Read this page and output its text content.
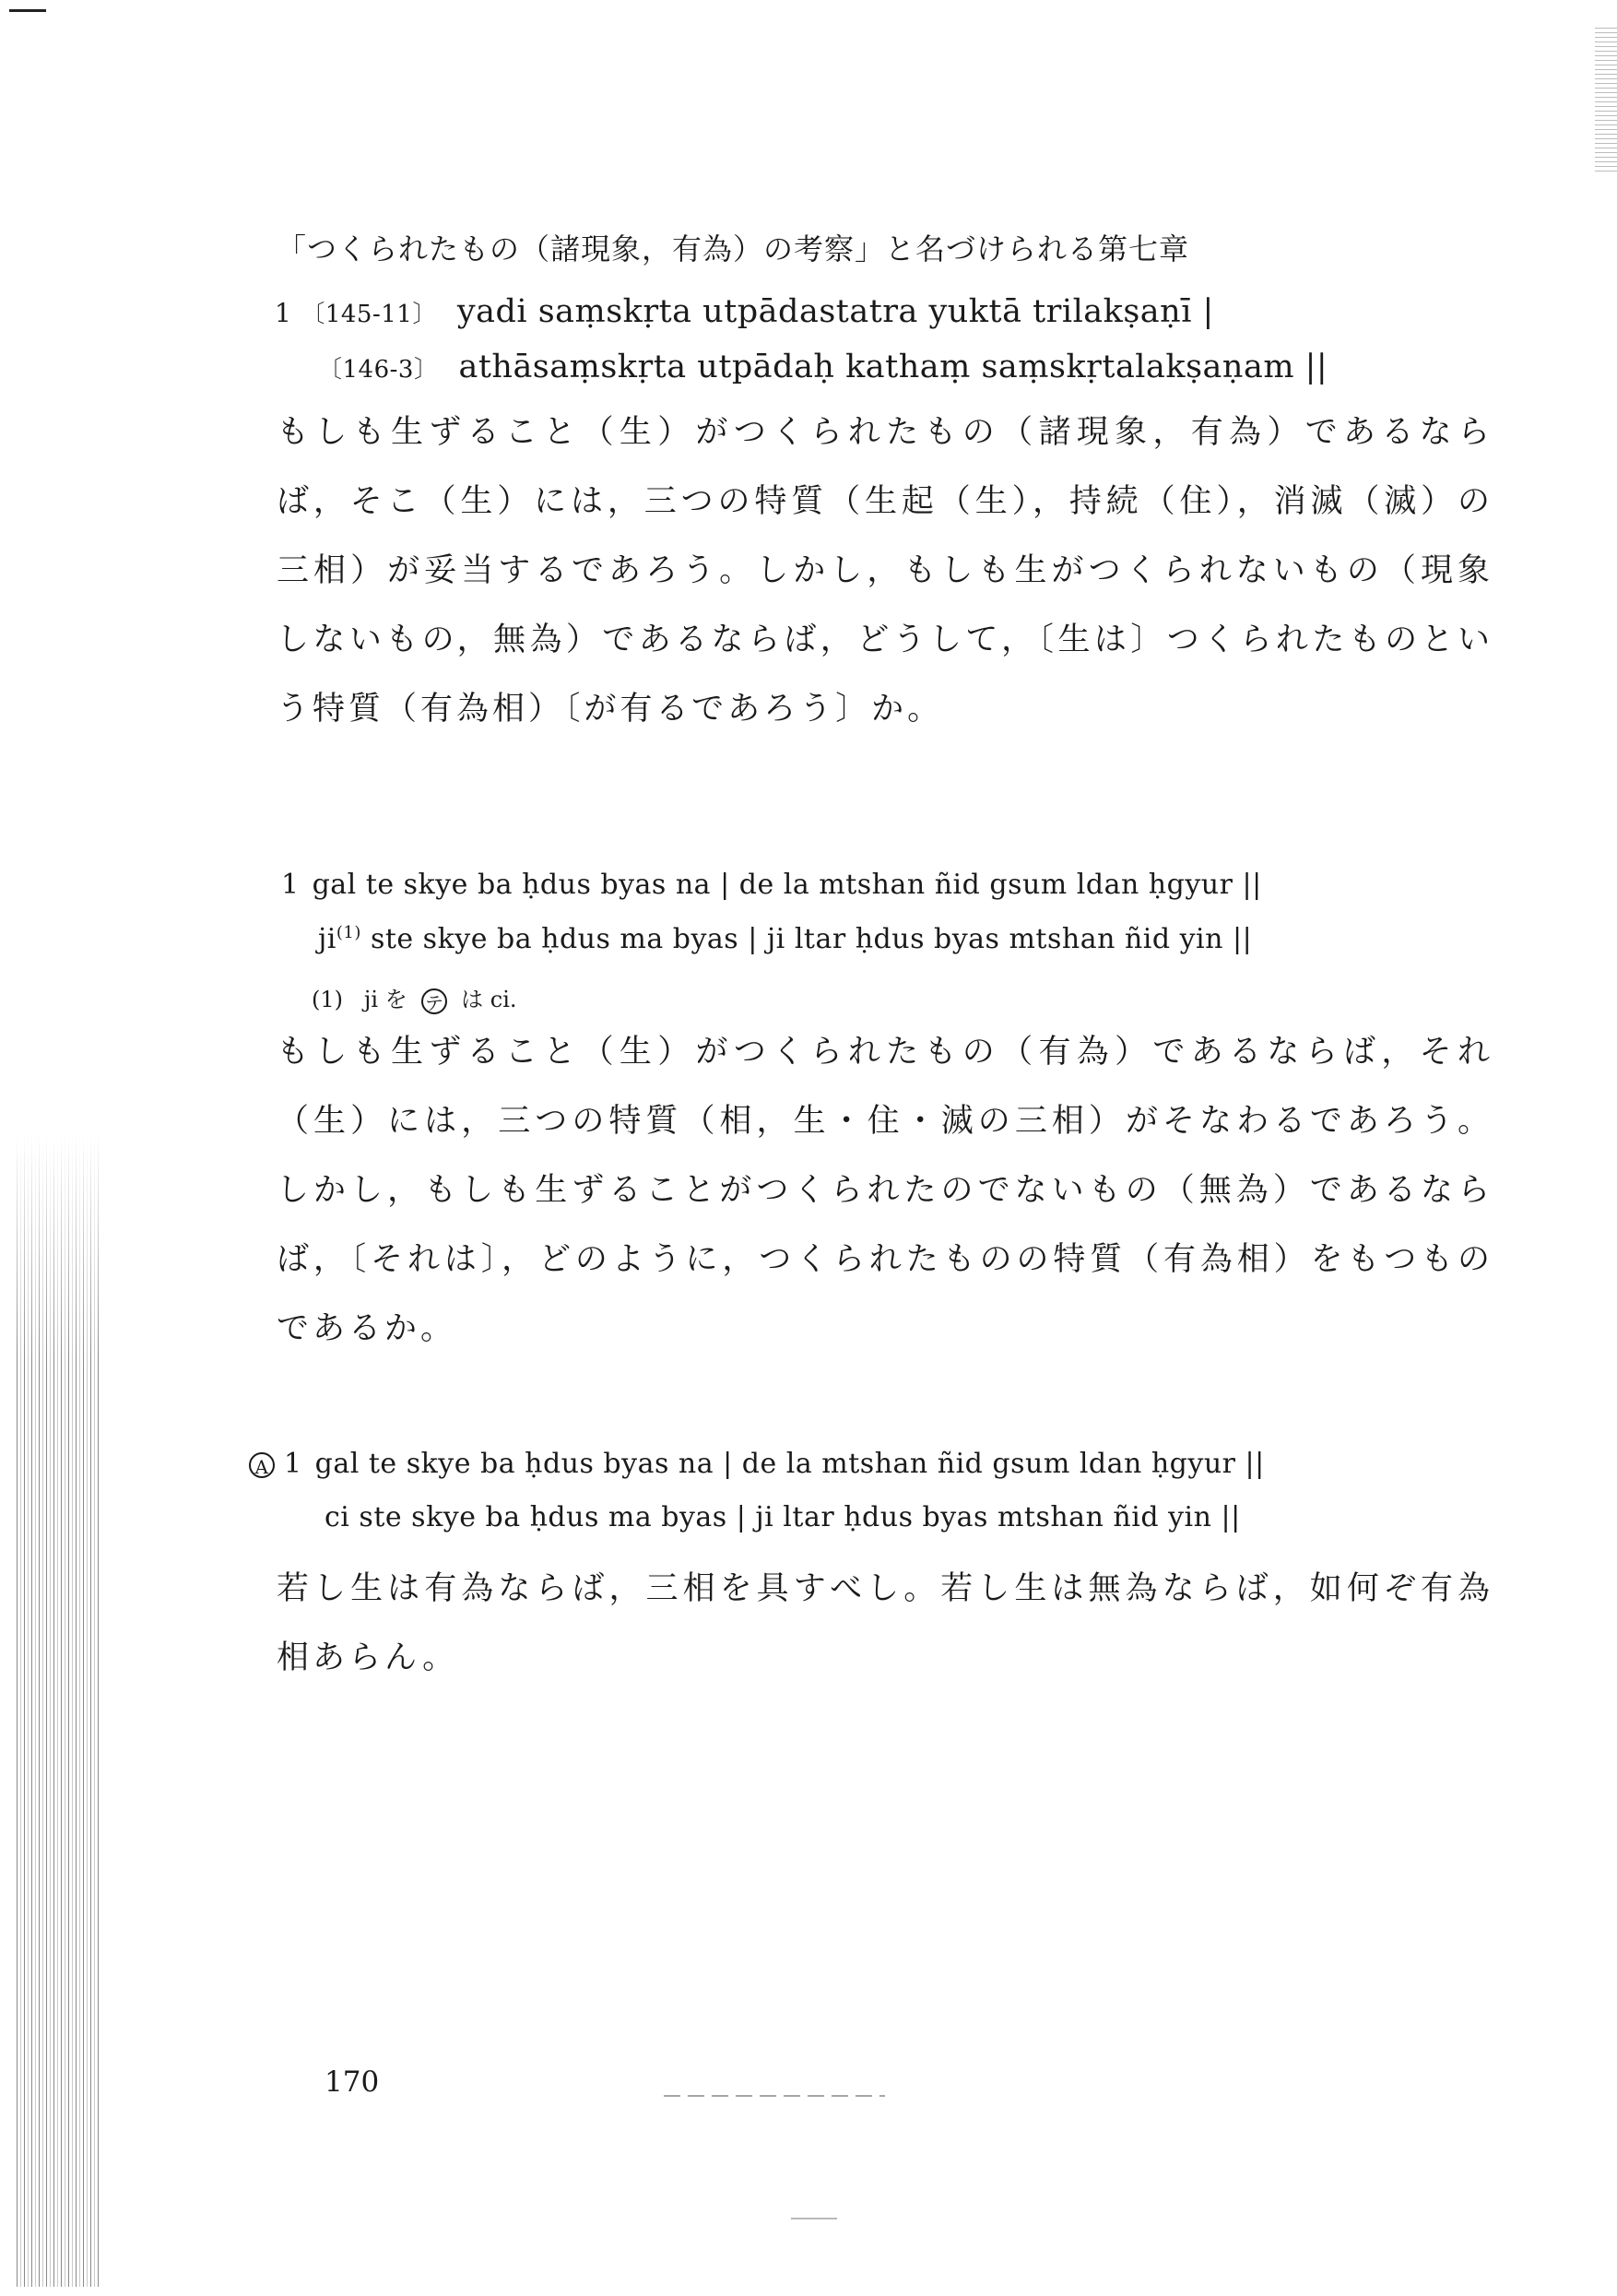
「つくられたもの（諸現象，有為）の考察」と名づけられる第七章
1 〔145-11〕 yadi saṃskṛta utpādastatra yuktā trilakṣaṇī |
〔146-3〕 athāsaṃskṛta utpādaḥ kathaṃ saṃskṛtalakṣaṇam ||
もしも生ずること（生）がつくられたもの（諸現象，有為）であるならば，そこ（生）には，三つの特質（生起（生），持続（住），消滅（滅）の三相）が妥当するであろう。しかし，もしも生がつくられないもの（現象しないもの，無為）であるならば，どうして，〔生は〕つくられたものという特質（有為相）〔が有るであろう〕か。
1 gal te skye ba ḥdus byas na | de la mtshan ñid gsum ldan ḥgyur ||
ji$^{(1)}$ ste skye ba ḥdus ma byas | ji ltar ḥdus byas mtshan ñid yin ||
(1) ji を テ は ci.
もしも生ずること（生）がつくられたもの（有為）であるならば，それ（生）には，三つの特質（相，生・住・滅の三相）がそなわるであろう。しかし，もしも生ずることがつくられたのでないもの（無為）であるならば，〔それは〕，どのように，つくられたものの特質（有為相）をもつものであるか。
A 1 gal te skye ba ḥdus byas na | de la mtshan ñid gsum ldan ḥgyur ||
ci ste skye ba ḥdus ma byas | ji ltar ḥdus byas mtshan ñid yin ||
若し生は有為ならば，三相を具すべし。若し生は無為ならば，如何ぞ有為相あらん。
170
